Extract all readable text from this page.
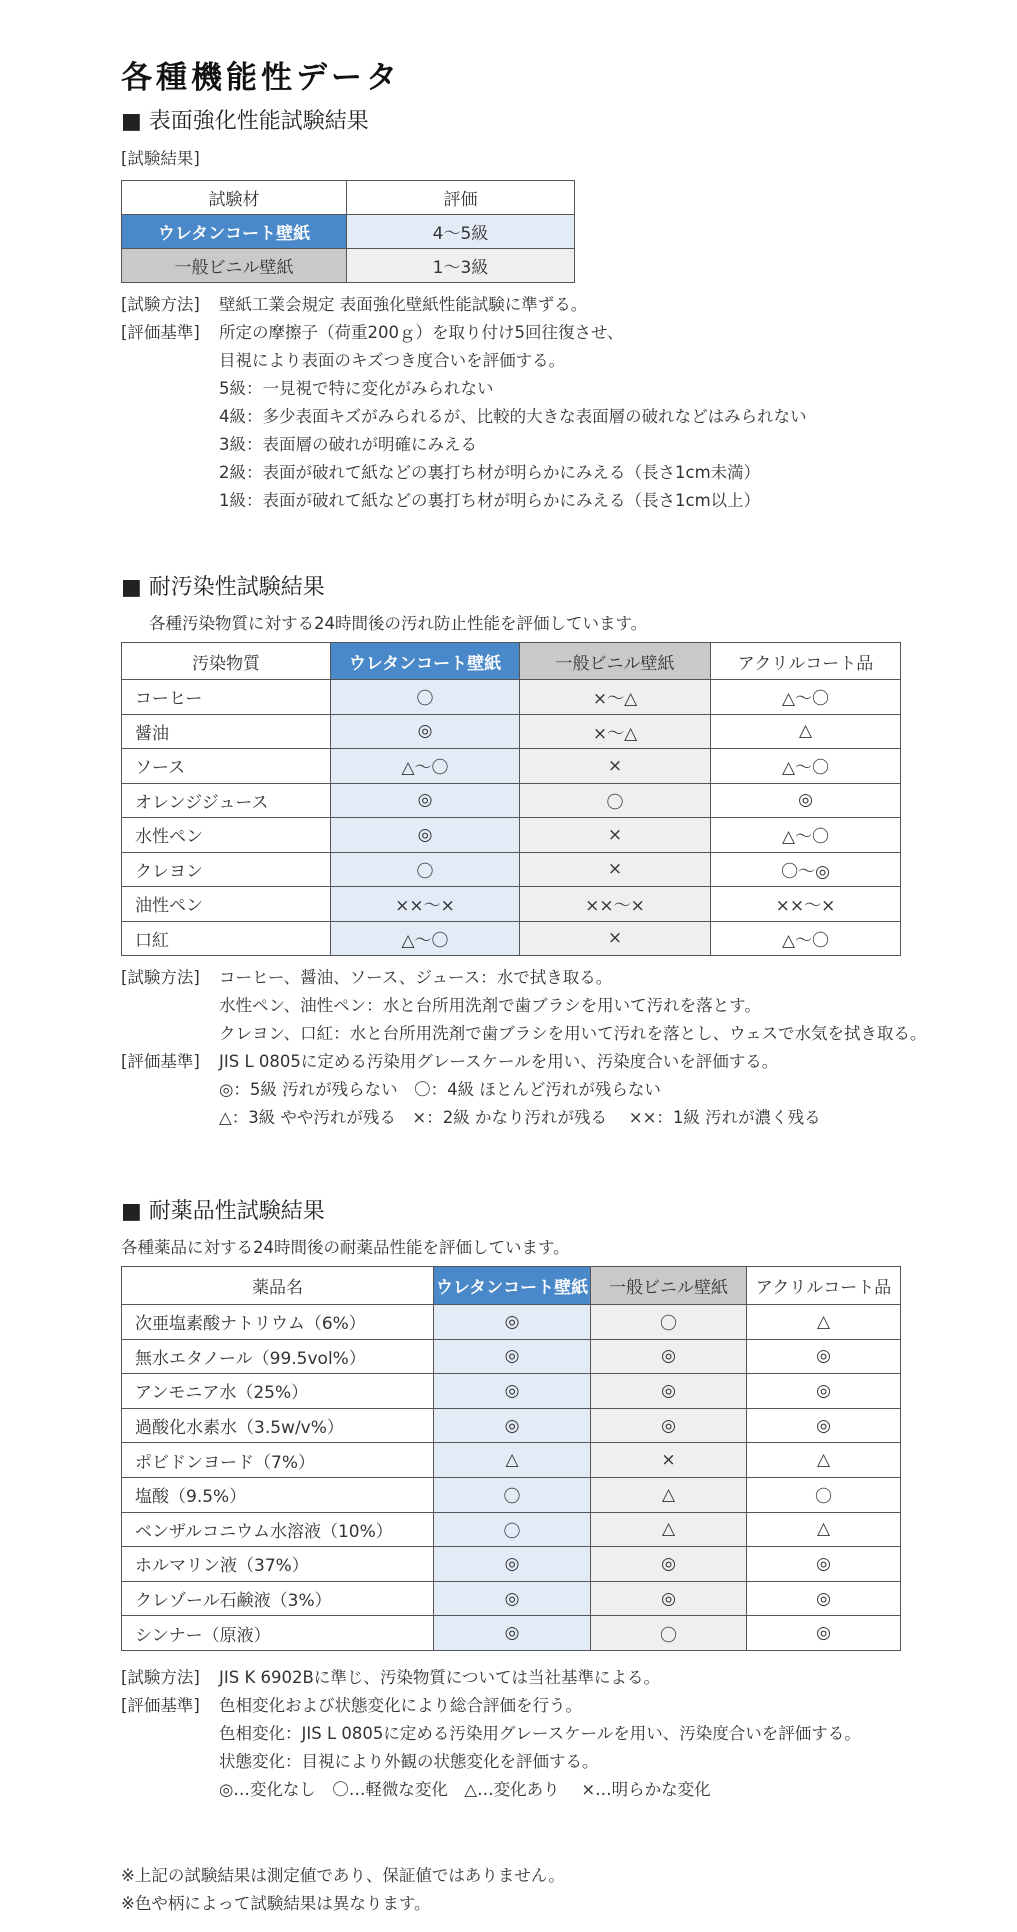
各種機能性データ
■ 表面強化性能試験結果
[試験結果]
試験材	評価
ウレタンコート壁紙	4～5級
一般ビニル壁紙	1～3級
[試験方法] 壁紙工業会規定 表面強化壁紙性能試験に準ずる。
[評価基準] 所定の摩擦子（荷重200ｇ）を取り付け5回往復させ、
目視により表面のキズつき度合いを評価する。
5級：一見視で特に変化がみられない
4級：多少表面キズがみられるが、比較的大きな表面層の破れなどはみられない
3級：表面層の破れが明確にみえる
2級：表面が破れて紙などの裏打ち材が明らかにみえる（長さ1cm未満）
1級：表面が破れて紙などの裏打ち材が明らかにみえる（長さ1cm以上）
■ 耐汚染性試験結果
各種汚染物質に対する24時間後の汚れ防止性能を評価しています。
汚染物質	ウレタンコート壁紙	一般ビニル壁紙	アクリルコート品
コーヒー	〇	×～△	△～〇
醤油	◎	×～△	△
ソース	△～〇	×	△～〇
オレンジジュース	◎	〇	◎
水性ペン	◎	×	△～〇
クレヨン	〇	×	〇～◎
油性ペン	××～×	××～×	××～×
口紅	△～〇	×	△～〇
[試験方法] コーヒー、醤油、ソース、ジュース：水で拭き取る。
水性ペン、油性ペン：水と台所用洗剤で歯ブラシを用いて汚れを落とす。
クレヨン、口紅：水と台所用洗剤で歯ブラシを用いて汚れを落とし、ウェスで水気を拭き取る。
[評価基準] JIS L 0805に定める汚染用グレースケールを用い、汚染度合いを評価する。
◎：5級 汚れが残らない　〇：4級 ほとんど汚れが残らない
△：3級 やや汚れが残る　×：2級 かなり汚れが残る　 ××：1級 汚れが濃く残る
■ 耐薬品性試験結果
各種薬品に対する24時間後の耐薬品性能を評価しています。
薬品名	ウレタンコート壁紙	一般ビニル壁紙	アクリルコート品
次亜塩素酸ナトリウム（6%）	◎	〇	△
無水エタノール（99.5vol%）	◎	◎	◎
アンモニア水（25%）	◎	◎	◎
過酸化水素水（3.5w/v%）	◎	◎	◎
ポビドンヨード（7%）	△	×	△
塩酸（9.5%）	〇	△	〇
ベンザルコニウム水溶液（10%）	〇	△	△
ホルマリン液（37%）	◎	◎	◎
クレゾール石鹸液（3%）	◎	◎	◎
シンナー（原液）	◎	〇	◎
[試験方法] JIS K 6902Bに準じ、汚染物質については当社基準による。
[評価基準] 色相変化および状態変化により総合評価を行う。
色相変化：JIS L 0805に定める汚染用グレースケールを用い、汚染度合いを評価する。
状態変化：目視により外観の状態変化を評価する。
◎…変化なし　〇…軽微な変化　△…変化あり　 ×…明らかな変化
※上記の試験結果は測定値であり、保証値ではありません。
※色や柄によって試験結果は異なります。
